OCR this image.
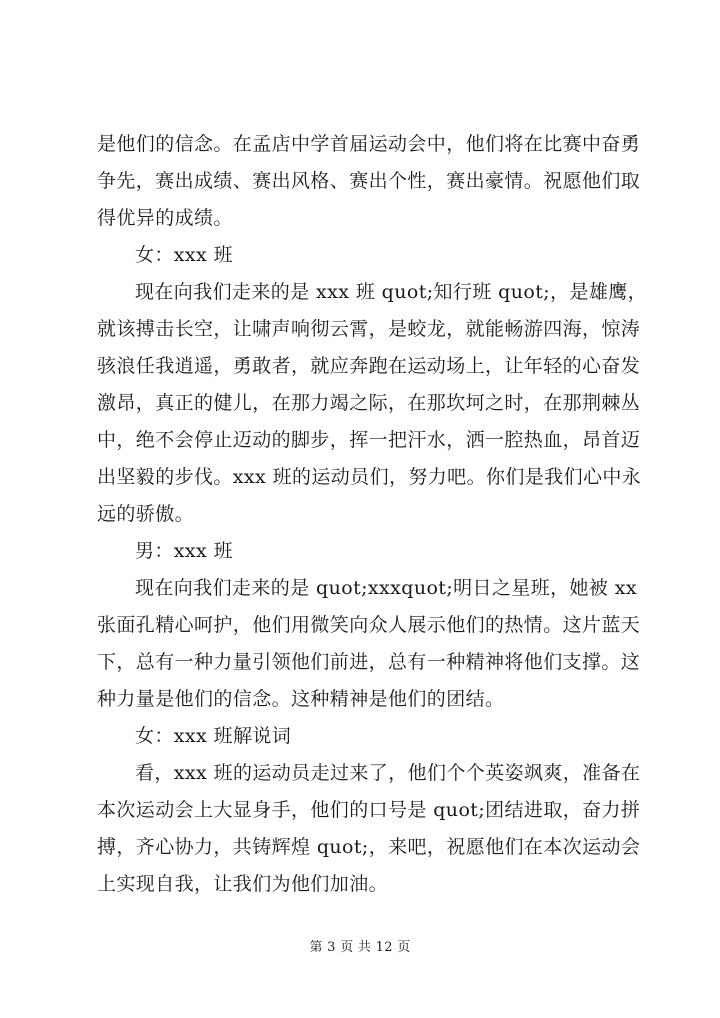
是他们的信念。在孟店中学首届运动会中，他们将在比赛中奋勇
争先，赛出成绩、赛出风格、赛出个性，赛出豪情。祝愿他们取
得优异的成绩。
女：xxx 班
现在向我们走来的是 xxx 班 quot;知行班 quot;，是雄鹰，
就该搏击长空，让啸声响彻云霄，是蛟龙，就能畅游四海，惊涛
骇浪任我逍遥，勇敢者，就应奔跑在运动场上，让年轻的心奋发
激昂，真正的健儿，在那力竭之际，在那坎坷之时，在那荆棘丛
中，绝不会停止迈动的脚步，挥一把汗水，洒一腔热血，昂首迈
出坚毅的步伐。xxx 班的运动员们，努力吧。你们是我们心中永
远的骄傲。
男：xxx 班
现在向我们走来的是 quot;xxxquot;明日之星班，她被 xx
张面孔精心呵护，他们用微笑向众人展示他们的热情。这片蓝天
下，总有一种力量引领他们前进，总有一种精神将他们支撑。这
种力量是他们的信念。这种精神是他们的团结。
女：xxx 班解说词
看，xxx 班的运动员走过来了，他们个个英姿飒爽，准备在
本次运动会上大显身手，他们的口号是 quot;团结进取，奋力拼
搏，齐心协力，共铸辉煌 quot;，来吧，祝愿他们在本次运动会
上实现自我，让我们为他们加油。
第 3 页 共 12 页
